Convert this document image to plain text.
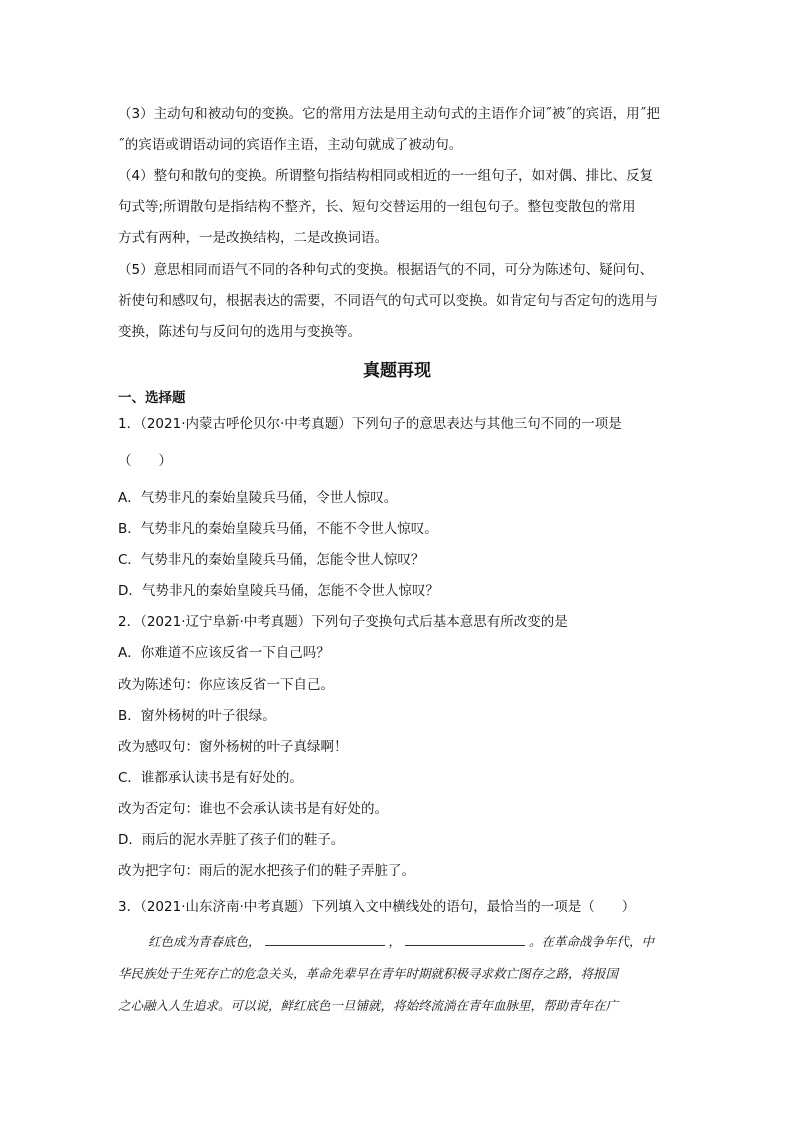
（3）主动句和被动句的变换。它的常用方法是用主动句式的主语作介词˝被˝的宾语，用˝把
˝的宾语或谓语动词的宾语作主语，主动句就成了被动句。
（4）整句和散句的变换。所谓整句指结构相同或相近的一一组句子，如对偶、排比、反复
句式等;所谓散句是指结构不整齐，长、短句交替运用的一组包句子。整包变散包的常用
方式有两种，一是改换结构，二是改换词语。
（5）意思相同而语气不同的各种句式的变换。根据语气的不同，可分为陈述句、疑问句、
祈使句和感叹句，根据表达的需要，不同语气的句式可以变换。如肯定句与否定句的选用与
变换，陈述句与反问句的选用与变换等。
真题再现
一、选择题
1．（2021·内蒙古呼伦贝尔·中考真题）下列句子的意思表达与其他三句不同的一项是
（　　）
A．气势非凡的秦始皇陵兵马俑，令世人惊叹。
B．气势非凡的秦始皇陵兵马俑，不能不令世人惊叹。
C．气势非凡的秦始皇陵兵马俑，怎能令世人惊叹？
D．气势非凡的秦始皇陵兵马俑，怎能不令世人惊叹？
2．（2021·辽宁阜新·中考真题）下列句子变换句式后基本意思有所改变的是
A．你难道不应该反省一下自己吗？
改为陈述句：你应该反省一下自己。
B．窗外杨树的叶子很绿。
改为感叹句：窗外杨树的叶子真绿啊！
C．谁都承认读书是有好处的。
改为否定句：谁也不会承认读书是有好处的。
D．雨后的泥水弄脏了孩子们的鞋子。
改为把字句：雨后的泥水把孩子们的鞋子弄脏了。
3．（2021·山东济南·中考真题）下列填入文中横线处的语句，最恰当的一项是（　　）
红色成为青春底色，	，	。在革命战争年代，中
华民族处于生死存亡的危急关头，革命先辈早在青年时期就积极寻求救亡图存之路，将报国
之心融入人生追求。可以说，鲜红底色一旦铺就，将始终流淌在青年血脉里，帮助青年在广
